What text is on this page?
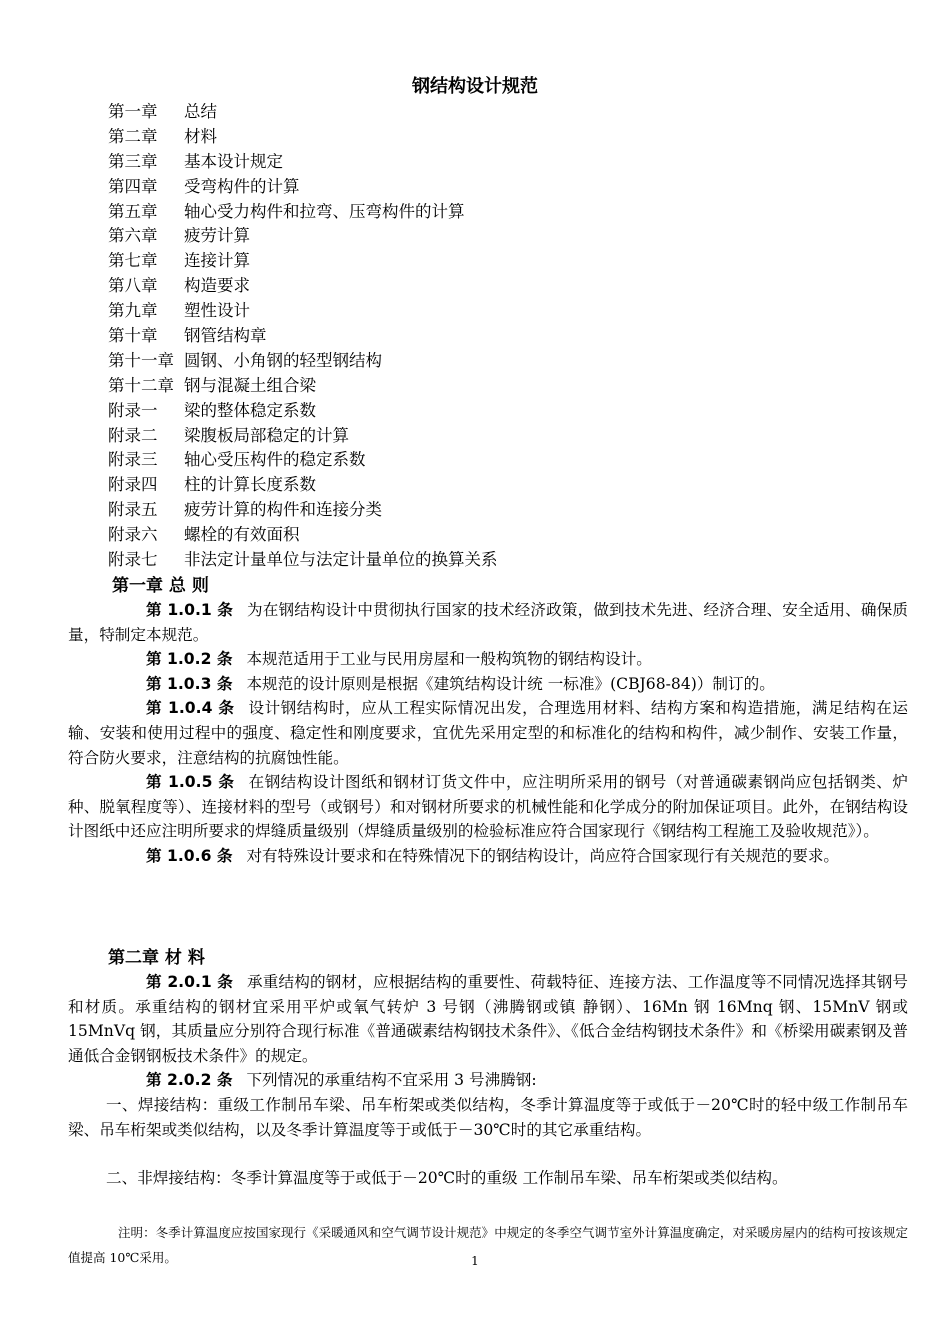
钢结构设计规范
第一章 总结
第二章 材料
第三章 基本设计规定
第四章 受弯构件的计算
第五章 轴心受力构件和拉弯、压弯构件的计算
第六章 疲劳计算
第七章 连接计算
第八章 构造要求
第九章 塑性设计
第十章 钢管结构章
第十一章 圆钢、小角钢的轻型钢结构
第十二章 钢与混凝土组合梁
附录一 梁的整体稳定系数
附录二 梁腹板局部稳定的计算
附录三 轴心受压构件的稳定系数
附录四 柱的计算长度系数
附录五 疲劳计算的构件和连接分类
附录六 螺栓的有效面积
附录七 非法定计量单位与法定计量单位的换算关系
第一章 总 则

第 1.0.1 条 为在钢结构设计中贯彻执行国家的技术经济政策，做到技术先进、经济合理、安全适用、确保质量，特制定本规范。

第 1.0.2 条 本规范适用于工业与民用房屋和一般构筑物的钢结构设计。

第 1.0.3 条 本规范的设计原则是根据《建筑结构设计统 一标准》(CBJ68-84)）制订的。

第 1.0.4 条 设计钢结构时，应从工程实际情况出发，合理选用材料、结构方案和构造措施，满足结构在运输、安装和使用过程中的强度、稳定性和刚度要求，宜优先采用定型的和标准化的结构和构件，减少制作、安装工作量，符合防火要求，注意结构的抗腐蚀性能。

第 1.0.5 条 在钢结构设计图纸和钢材订货文件中，应注明所采用的钢号（对普通碳素钢尚应包括钢类、炉种、脱氧程度等）、连接材料的型号（或钢号）和对钢材所要求的机械性能和化学成分的附加保证项目。此外，在钢结构设计图纸中还应注明所要求的焊缝质量级别（焊缝质量级别的检验标准应符合国家现行《钢结构工程施工及验收规范》）。

第 1.0.6 条 对有特殊设计要求和在特殊情况下的钢结构设计，尚应符合国家现行有关规范的要求。

第二章 材 料

第 2.0.1 条 承重结构的钢材，应根据结构的重要性、荷载特征、连接方法、工作温度等不同情况选择其钢号和材质。承重结构的钢材宜采用平炉或氧气转炉 3 号钢（沸腾钢或镇 静钢）、16Mn 钢 16Mnq 钢、15MnV 钢或 15MnVq 钢，其质量应分别符合现行标准《普通碳素结构钢技术条件》、《低合金结构钢技术条件》和《桥梁用碳素钢及普通低合金钢钢板技术条件》的规定。

第 2.0.2 条 下列情况的承重结构不宜采用 3 号沸腾钢:

一、焊接结构：重级工作制吊车梁、吊车桁架或类似结构，冬季计算温度等于或低于－20℃时的轻中级工作制吊车梁、吊车桁架或类似结构，以及冬季计算温度等于或低于－30℃时的其它承重结构。

二、非焊接结构：冬季计算温度等于或低于－20℃时的重级 工作制吊车梁、吊车桁架或类似结构。

注明：冬季计算温度应按国家现行《采暖通风和空气调节设计规范》中规定的冬季空气调节室外计算温度确定，对采暖房屋内的结构可按该规定值提高 10℃采用。	1
